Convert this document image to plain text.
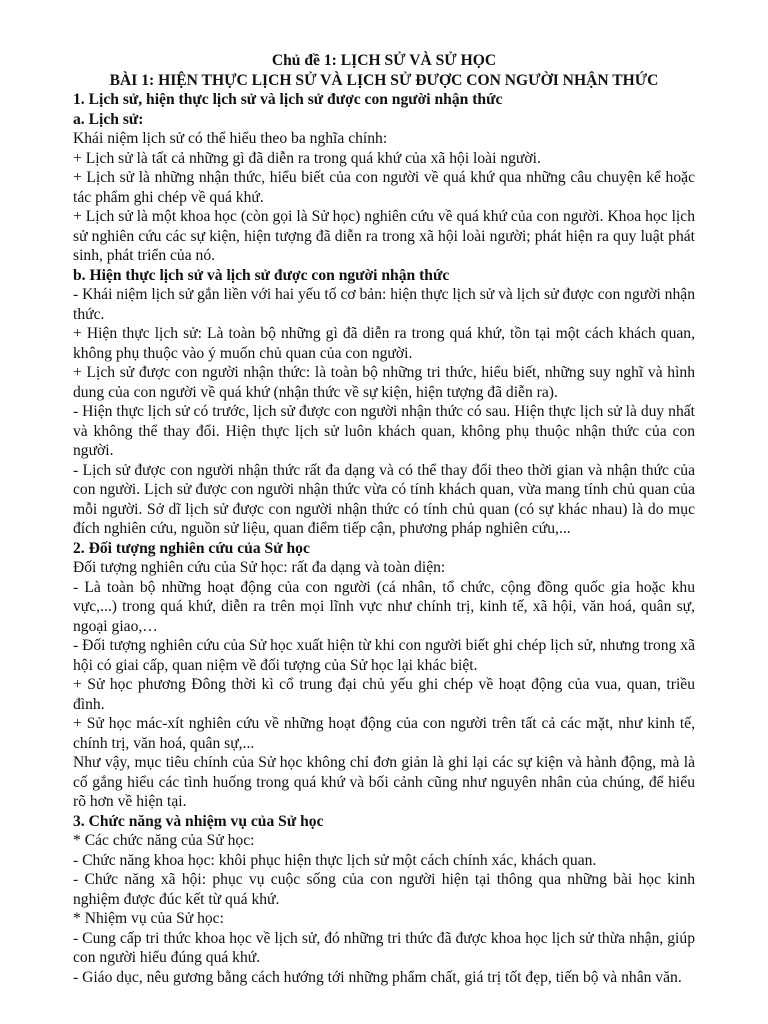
Chủ đề 1: LỊCH SỬ VÀ SỬ HỌC
BÀI 1: HIỆN THỰC LỊCH SỬ VÀ LỊCH SỬ ĐƯỢC CON NGƯỜI NHẬN THỨC
1. Lịch sử, hiện thực lịch sử và lịch sử được con người nhận thức
a. Lịch sử:

Khái niệm lịch sử có thể hiểu theo ba nghĩa chính:

+ Lịch sử là tất cả những gì đã diễn ra trong quá khứ của xã hội loài người.

+ Lịch sử là những nhận thức, hiểu biết của con người về quá khứ qua những câu chuyện kể hoặc tác phẩm ghi chép về quá khứ.

+ Lịch sử là một khoa học (còn gọi là Sử học) nghiên cứu về quá khứ của con người. Khoa học lịch sử nghiên cứu các sự kiện, hiện tượng đã diễn ra trong xã hội loài người; phát hiện ra quy luật phát sinh, phát triển của nó.

b. Hiện thực lịch sử và lịch sử được con người nhận thức

- Khái niệm lịch sử gắn liền với hai yếu tố cơ bản: hiện thực lịch sử và lịch sử được con người nhận thức.

+ Hiện thực lịch sử: Là toàn bộ những gì đã diễn ra trong quá khứ, tồn tại một cách khách quan, không phụ thuộc vào ý muốn chủ quan của con người.

+ Lịch sử được con người nhận thức: là toàn bộ những tri thức, hiểu biết, những suy nghĩ và hình dung của con người về quá khứ (nhận thức về sự kiện, hiện tượng đã diễn ra).

- Hiện thực lịch sử có trước, lịch sử được con người nhận thức có sau. Hiện thực lịch sử là duy nhất và không thể thay đổi. Hiện thực lịch sử luôn khách quan, không phụ thuộc nhận thức của con người.

- Lịch sử được con người nhận thức rất đa dạng và có thể thay đổi theo thời gian và nhận thức của con người. Lịch sử được con người nhận thức vừa có tính khách quan, vừa mang tính chủ quan của mỗi người. Sở dĩ lịch sử được con người nhận thức có tính chủ quan (có sự khác nhau) là do mục đích nghiên cứu, nguồn sử liệu, quan điểm tiếp cận, phương pháp nghiên cứu,...

2. Đối tượng nghiên cứu của Sử học

Đối tượng nghiên cứu của Sử học: rất đa dạng và toàn diện:

- Là toàn bộ những hoạt động của con người (cá nhân, tổ chức, cộng đồng quốc gia hoặc khu vực,...) trong quá khứ, diễn ra trên mọi lĩnh vực như chính trị, kinh tế, xã hội, văn hoá, quân sự, ngoại giao,…

- Đối tượng nghiên cứu của Sử học xuất hiện từ khi con người biết ghi chép lịch sử, nhưng trong xã hội có giai cấp, quan niệm về đối tượng của Sử học lại khác biệt.

+ Sử học phương Đông thời kì cổ trung đại chủ yếu ghi chép về hoạt động của vua, quan, triều đình.

+ Sử học mác-xít nghiên cứu về những hoạt động của con người trên tất cả các mặt, như kinh tế, chính trị, văn hoá, quân sự,...

Như vậy, mục tiêu chính của Sử học không chỉ đơn giản là ghi lại các sự kiện và hành động, mà là cố gắng hiểu các tình huống trong quá khứ và bối cảnh cũng như nguyên nhân của chúng, để hiểu rõ hơn về hiện tại.

3. Chức năng và nhiệm vụ của Sử học

* Các chức năng của Sử học:

- Chức năng khoa học: khôi phục hiện thực lịch sử một cách chính xác, khách quan.

- Chức năng xã hội: phục vụ cuộc sống của con người hiện tại thông qua những bài học kinh nghiệm được đúc kết từ quá khứ.

* Nhiệm vụ của Sử học:

- Cung cấp tri thức khoa học về lịch sử, đó những tri thức đã được khoa học lịch sử thừa nhận, giúp con người hiểu đúng quá khứ.

- Giáo dục, nêu gương bằng cách hướng tới những phẩm chất, giá trị tốt đẹp, tiến bộ và nhân văn.
